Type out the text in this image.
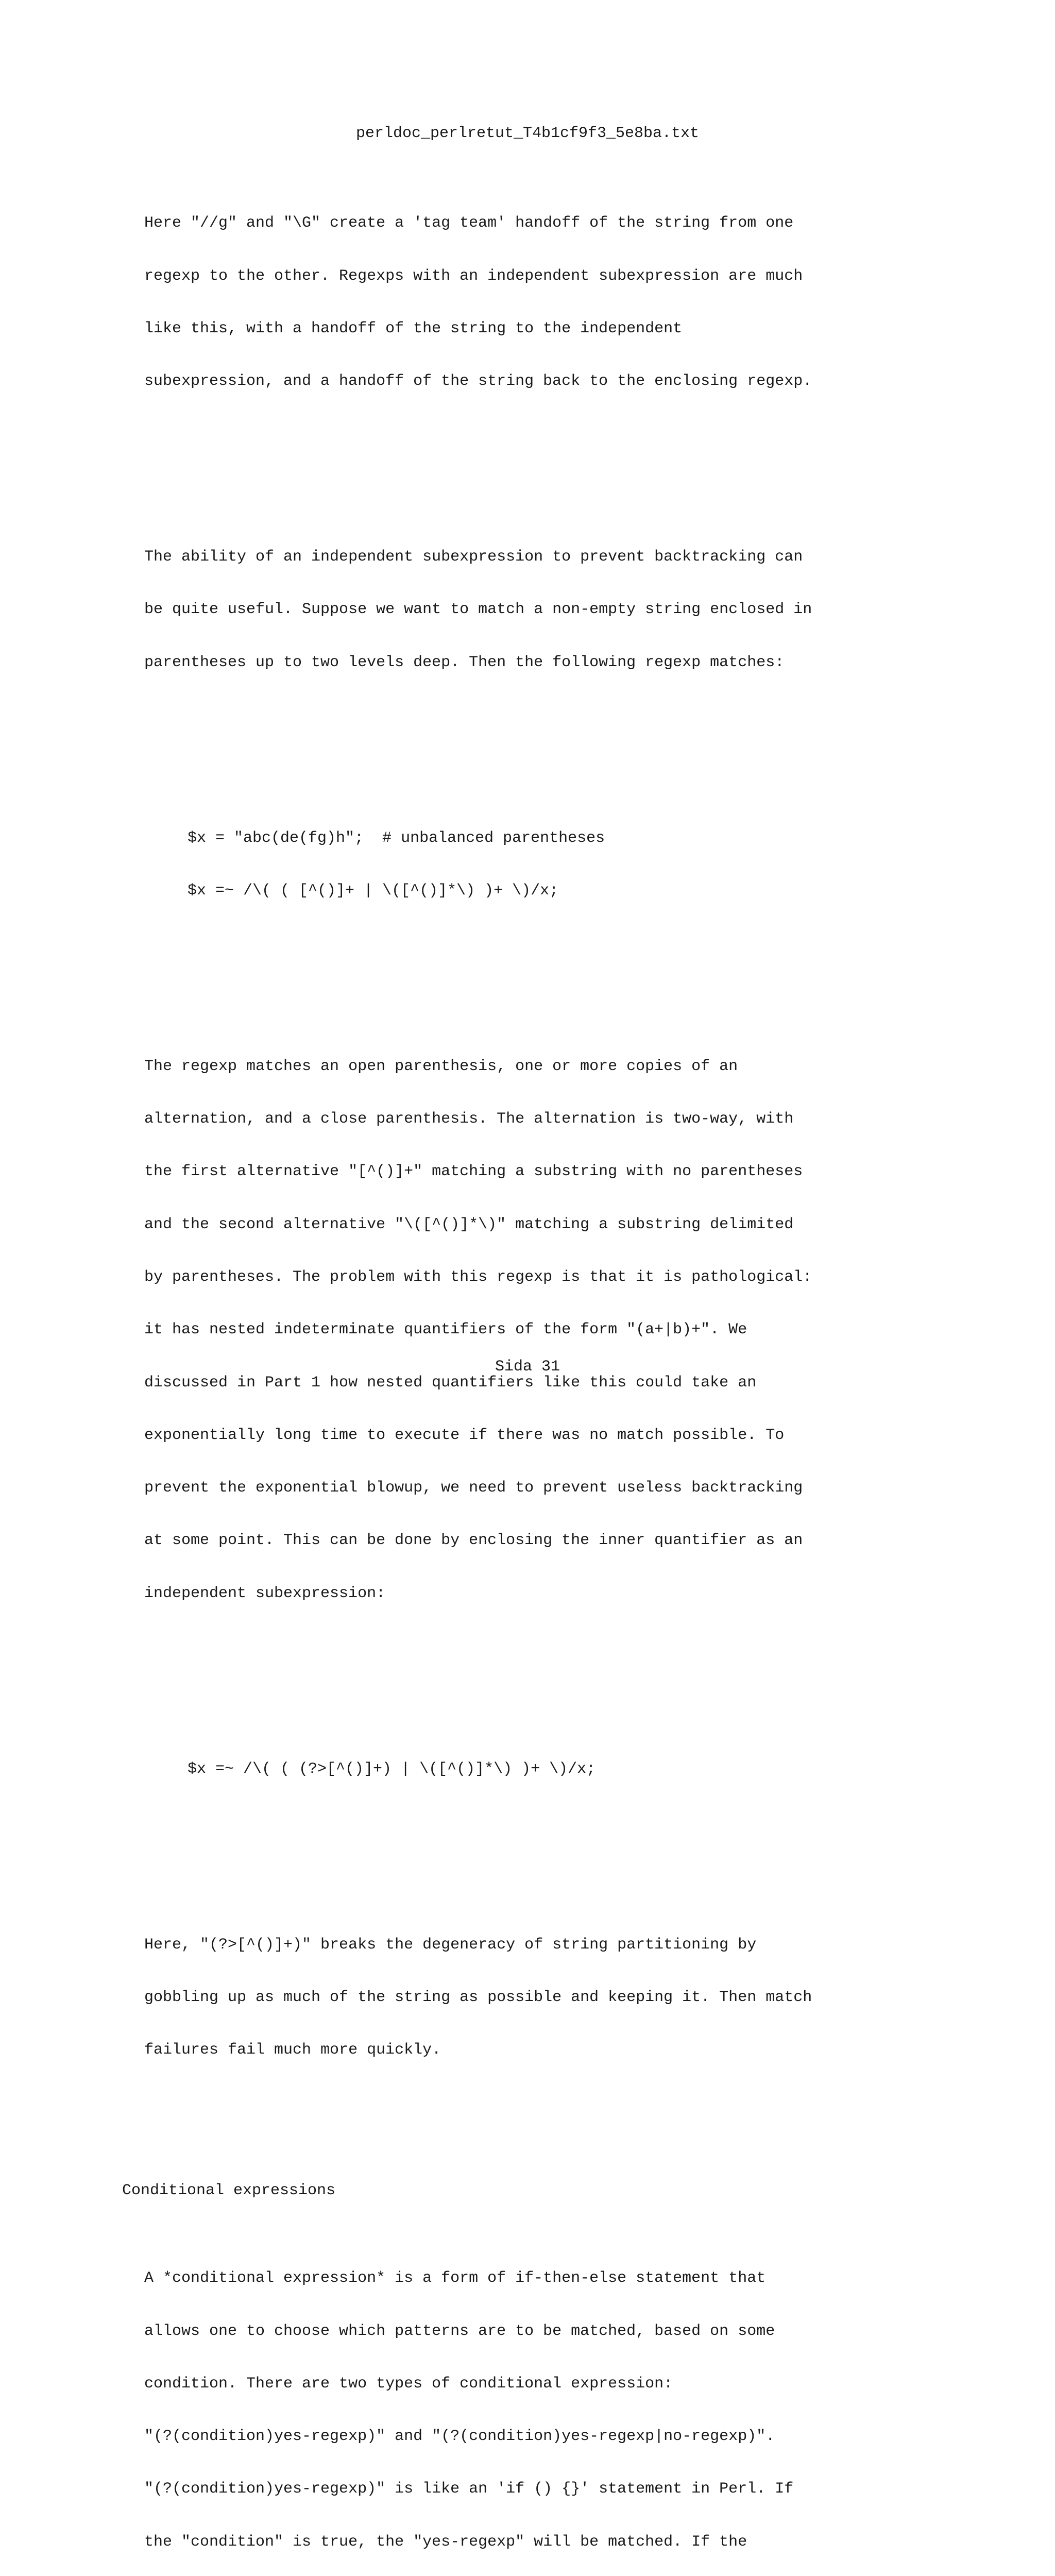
perldoc_perlretut_T4b1cf9f3_5e8ba.txt

Here "//g" and "\G" create a 'tag team' handoff of the string from one

regexp to the other. Regexps with an independent subexpression are much

like this, with a handoff of the string to the independent

subexpression, and a handoff of the string back to the enclosing regexp.

The ability of an independent subexpression to prevent backtracking can

be quite useful. Suppose we want to match a non-empty string enclosed in

parentheses up to two levels deep. Then the following regexp matches:

$x = "abc(de(fg)h";  # unbalanced parentheses

$x =~ /\( ( [^()]+ | \([^()]*\) )+ \)/x;

The regexp matches an open parenthesis, one or more copies of an

alternation, and a close parenthesis. The alternation is two-way, with

the first alternative "[^()]+" matching a substring with no parentheses

and the second alternative "\([^()]*\)" matching a substring delimited

by parentheses. The problem with this regexp is that it is pathological:

it has nested indeterminate quantifiers of the form "(a+|b)+". We

discussed in Part 1 how nested quantifiers like this could take an

exponentially long time to execute if there was no match possible. To

prevent the exponential blowup, we need to prevent useless backtracking

at some point. This can be done by enclosing the inner quantifier as an

independent subexpression:

$x =~ /\( ( (?>[^()]+) | \([^()]*\) )+ \)/x;

Here, "(?>[^()]+)" breaks the degeneracy of string partitioning by

gobbling up as much of the string as possible and keeping it. Then match

failures fail much more quickly.

Conditional expressions

A *conditional expression* is a form of if-then-else statement that

allows one to choose which patterns are to be matched, based on some

condition. There are two types of conditional expression:

"(?(condition)yes-regexp)" and "(?(condition)yes-regexp|no-regexp)".

"(?(condition)yes-regexp)" is like an 'if () {}' statement in Perl. If

the "condition" is true, the "yes-regexp" will be matched. If the

Sida 31
